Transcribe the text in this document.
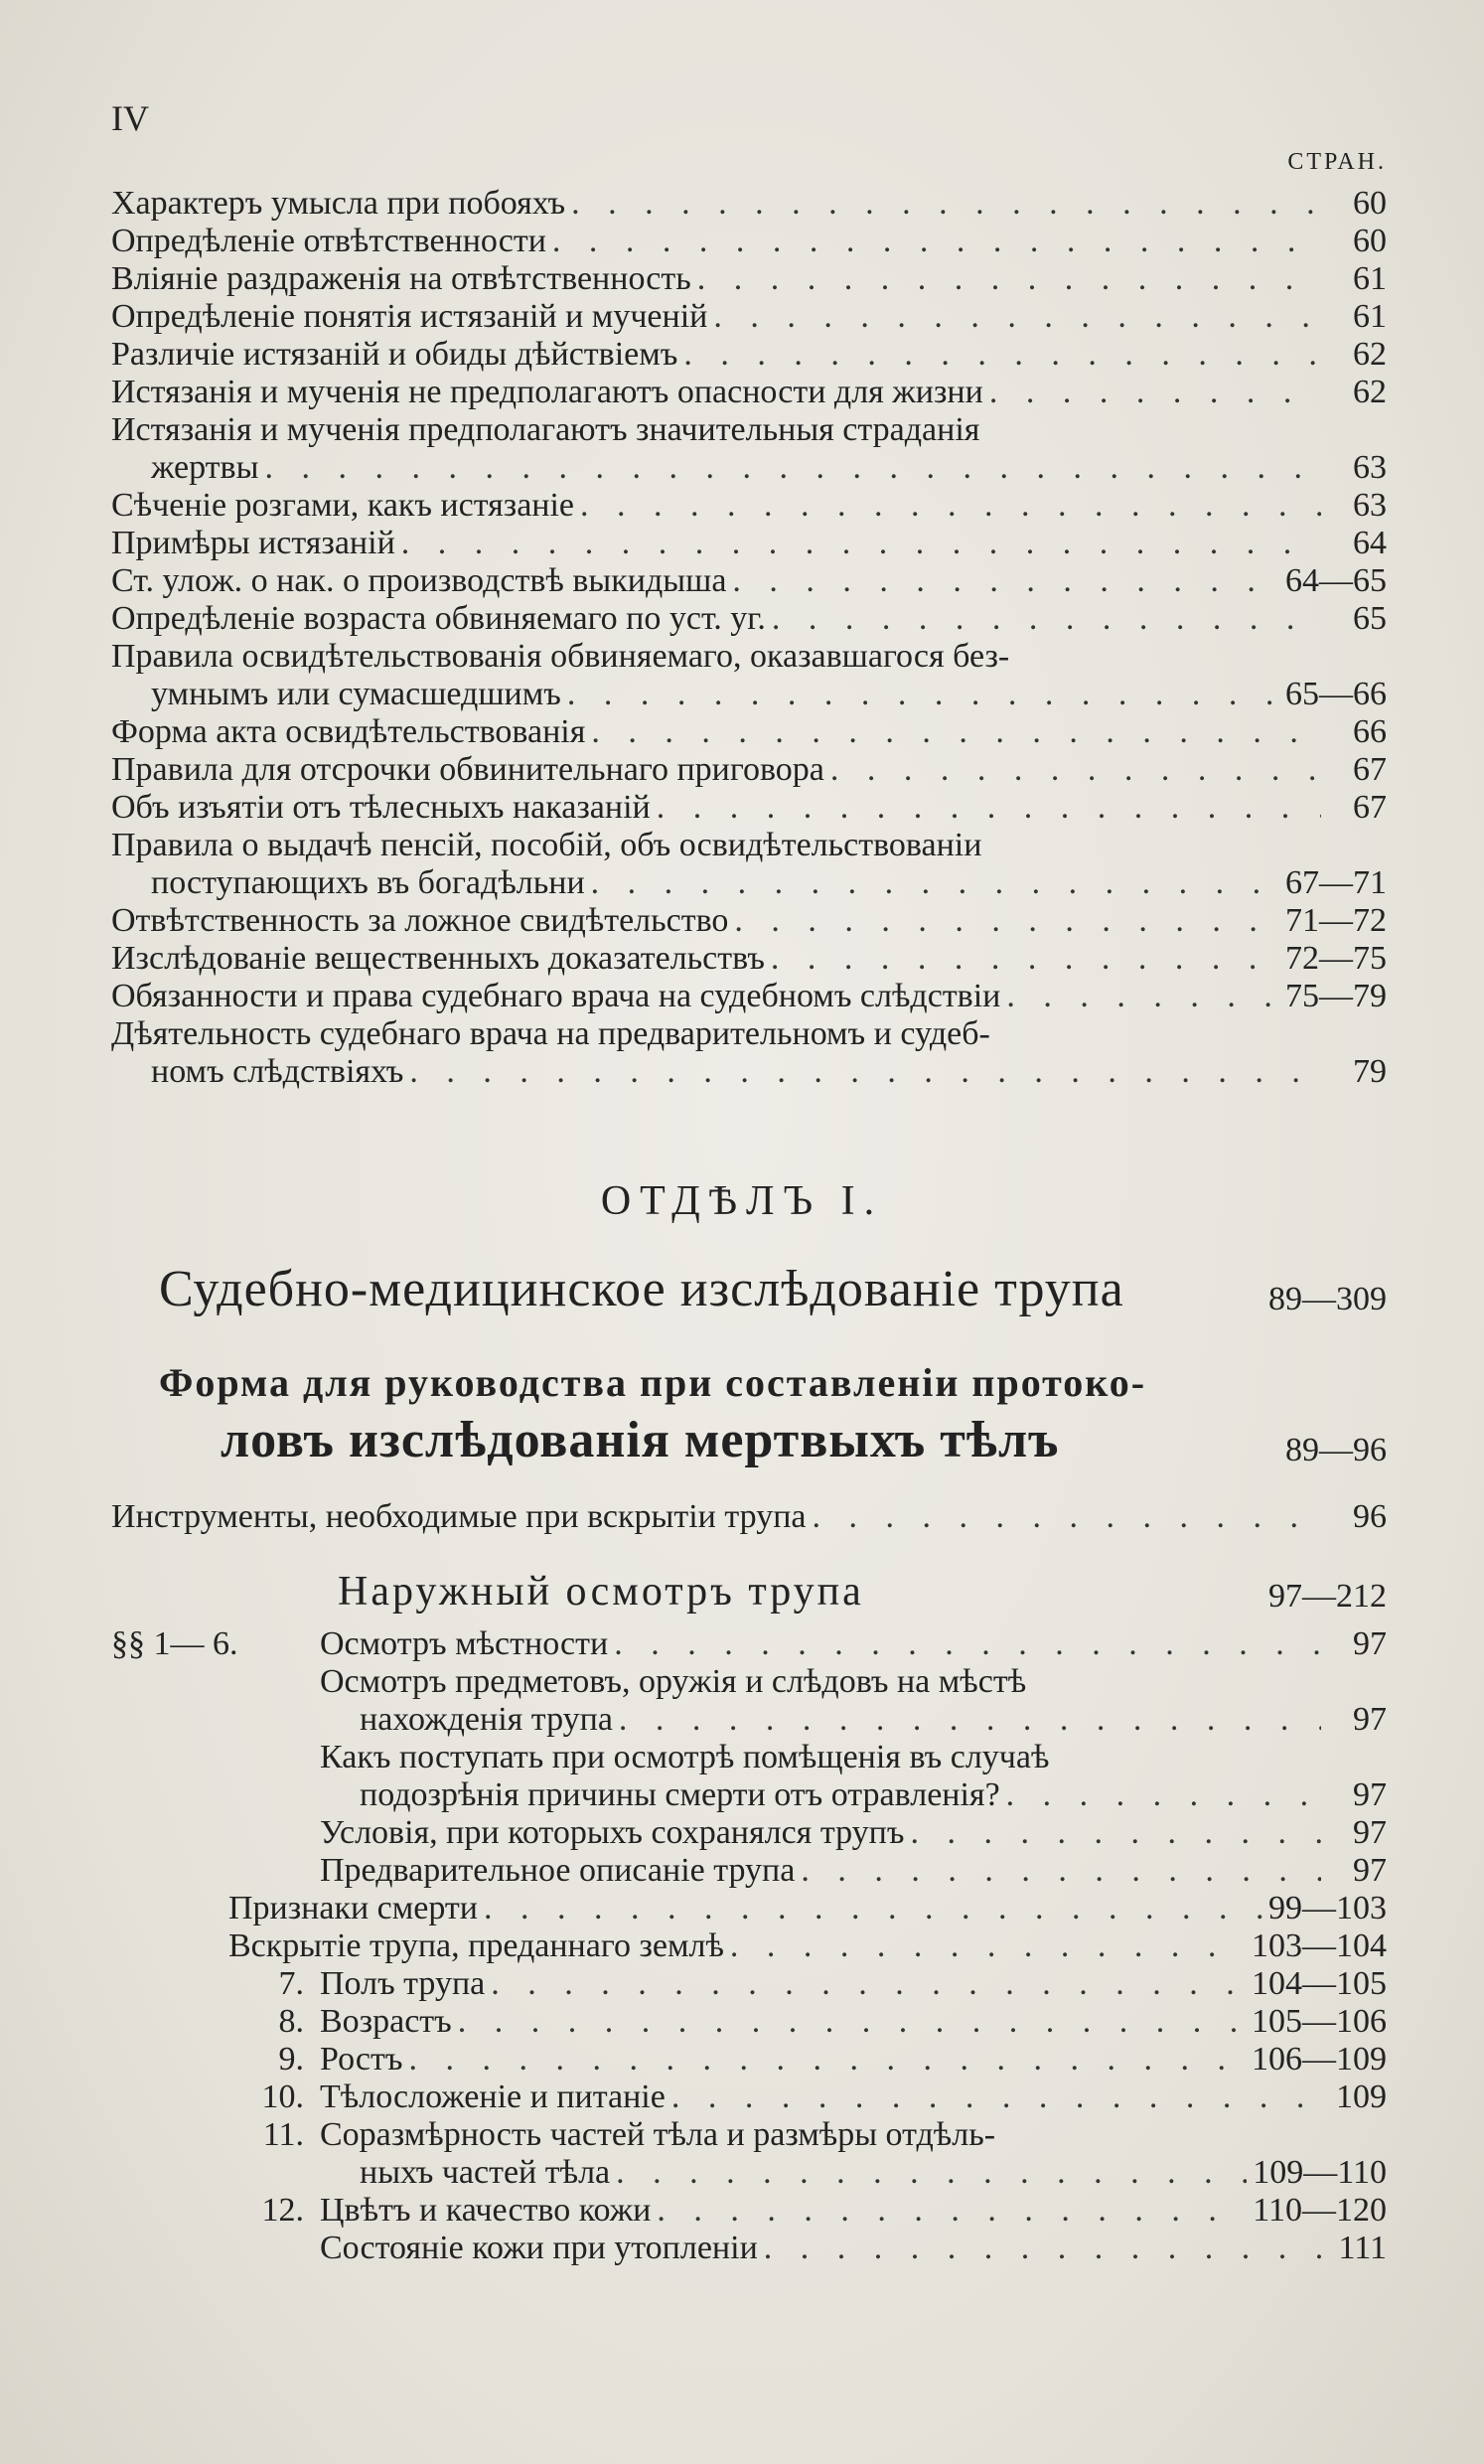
IV
СТРАН.
Характеръ умысла при побояхъ . . .	60
Опредѣленіе отвѣтственности . . .	60
Вліяніе раздраженія на отвѣтственность . . .	61
Опредѣленіе понятія истязаній и мученій . . .	61
Различіе истязаній и обиды дѣйствіемъ . . .	62
Истязанія и мученія не предполагаютъ опасности для жизни . . .	62
Истязанія и мученія предполагаютъ значительныя страданія
жертвы . . .	63
Сѣченіе розгами, какъ истязаніе . . .	63
Примѣры истязаній . . .	64
Ст. улож. о нак. о производствѣ выкидыша . . .	64—65
Опредѣленіе возраста обвиняемаго по уст. уг. . . .	65
Правила освидѣтельствованія обвиняемаго, оказавшагося без-
умнымъ или сумасшедшимъ . . .	65—66
Форма акта освидѣтельствованія . . .	66
Правила для отсрочки обвинительнаго приговора . . .	67
Объ изъятіи отъ тѣлесныхъ наказаній . . .	67
Правила о выдачѣ пенсій, пособій, объ освидѣтельствованіи
поступающихъ въ богадѣльни . . .	67—71
Отвѣтственность за ложное свидѣтельство . . .	71—72
Изслѣдованіе вещественныхъ доказательствъ . . .	72—75
Обязанности и права судебнаго врача на судебномъ слѣдствіи . . .	75—79
Дѣятельность судебнаго врача на предварительномъ и судеб-
номъ слѣдствіяхъ . . .	79
ОТДѢЛЪ I.
Судебно-медицинское изслѣдованіе трупа	89—309
Форма для руководства при составленіи протоко-
ловъ изслѣдованія мертвыхъ тѣлъ	89—96
Инструменты, необходимые при вскрытіи трупа . . .	96
Наружный осмотръ трупа	97—212
§§ 1— 6. Осмотръ мѣстности . . .	97
Осмотръ предметовъ, оружія и слѣдовъ на мѣстѣ
нахожденія трупа . . .	97
Какъ поступать при осмотрѣ помѣщенія въ случаѣ
подозрѣнія причины смерти отъ отравленія? . . .	97
Условія, при которыхъ сохранялся трупъ . . .	97
Предварительное описаніе трупа . . .	97
Признаки смерти . . .	99—103
Вскрытіе трупа, преданнаго землѣ . . .	103—104
7. Полъ трупа . . .	104—105
8. Возрастъ . . .	105—106
9. Ростъ . . .	106—109
10. Тѣлосложеніе и питаніе . . .	109
11. Соразмѣрность частей тѣла и размѣры отдѣль-
ныхъ частей тѣла . . .	109—110
12. Цвѣтъ и качество кожи . . .	110—120
Состояніе кожи при утопленіи . . .	111
